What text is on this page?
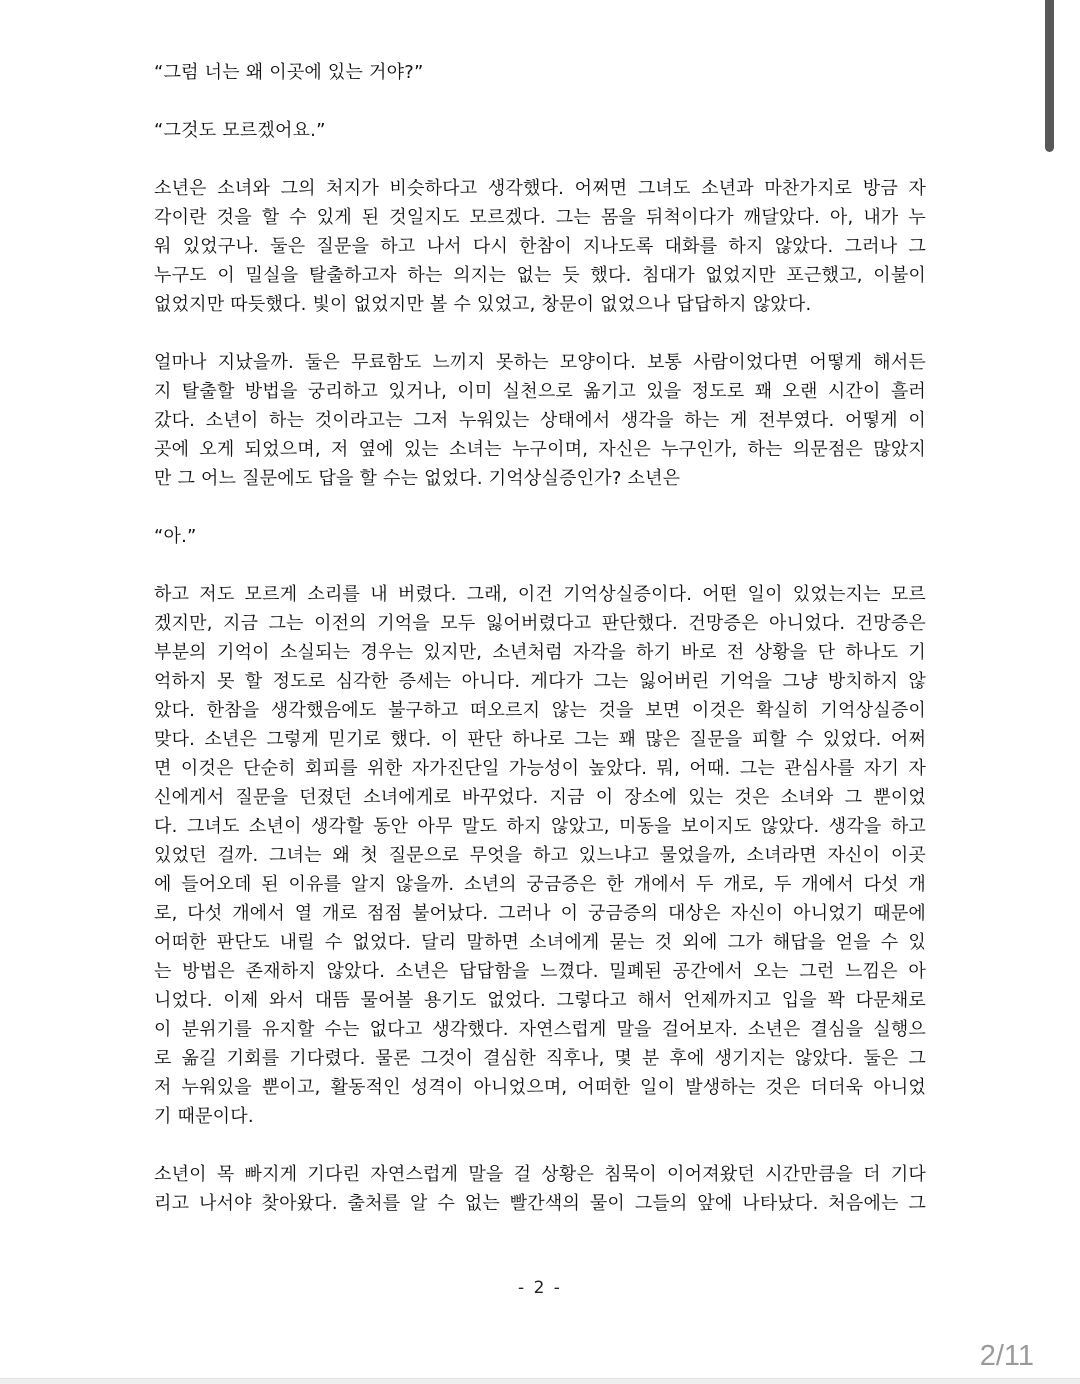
“그럼 너는 왜 이곳에 있는 거야?”
“그것도 모르겠어요.”
소년은 소녀와 그의 처지가 비슷하다고 생각했다. 어쩌면 그녀도 소년과 마찬가지로 방금 자
각이란 것을 할 수 있게 된 것일지도 모르겠다. 그는 몸을 뒤척이다가 깨달았다. 아, 내가 누
워 있었구나. 둘은 질문을 하고 나서 다시 한참이 지나도록 대화를 하지 않았다. 그러나 그
누구도 이 밀실을 탈출하고자 하는 의지는 없는 듯 했다. 침대가 없었지만 포근했고, 이불이
없었지만 따듯했다. 빛이 없었지만 볼 수 있었고, 창문이 없었으나 답답하지 않았다.
얼마나 지났을까. 둘은 무료함도 느끼지 못하는 모양이다. 보통 사람이었다면 어떻게 해서든
지 탈출할 방법을 궁리하고 있거나, 이미 실천으로 옮기고 있을 정도로 꽤 오랜 시간이 흘러
갔다. 소년이 하는 것이라고는 그저 누워있는 상태에서 생각을 하는 게 전부였다. 어떻게 이
곳에 오게 되었으며, 저 옆에 있는 소녀는 누구이며, 자신은 누구인가, 하는 의문점은 많았지
만 그 어느 질문에도 답을 할 수는 없었다. 기억상실증인가? 소년은
“아.”
하고 저도 모르게 소리를 내 버렸다. 그래, 이건 기억상실증이다. 어떤 일이 있었는지는 모르
겠지만, 지금 그는 이전의 기억을 모두 잃어버렸다고 판단했다. 건망증은 아니었다. 건망증은
부분의 기억이 소실되는 경우는 있지만, 소년처럼 자각을 하기 바로 전 상황을 단 하나도 기
억하지 못 할 정도로 심각한 증세는 아니다. 게다가 그는 잃어버린 기억을 그냥 방치하지 않
았다. 한참을 생각했음에도 불구하고 떠오르지 않는 것을 보면 이것은 확실히 기억상실증이
맞다. 소년은 그렇게 믿기로 했다. 이 판단 하나로 그는 꽤 많은 질문을 피할 수 있었다. 어쩌
면 이것은 단순히 회피를 위한 자가진단일 가능성이 높았다. 뭐, 어때. 그는 관심사를 자기 자
신에게서 질문을 던졌던 소녀에게로 바꾸었다. 지금 이 장소에 있는 것은 소녀와 그 뿐이었
다. 그녀도 소년이 생각할 동안 아무 말도 하지 않았고, 미동을 보이지도 않았다. 생각을 하고
있었던 걸까. 그녀는 왜 첫 질문으로 무엇을 하고 있느냐고 물었을까, 소녀라면 자신이 이곳
에 들어오데 된 이유를 알지 않을까. 소년의 궁금증은 한 개에서 두 개로, 두 개에서 다섯 개
로, 다섯 개에서 열 개로 점점 불어났다. 그러나 이 궁금증의 대상은 자신이 아니었기 때문에
어떠한 판단도 내릴 수 없었다. 달리 말하면 소녀에게 묻는 것 외에 그가 해답을 얻을 수 있
는 방법은 존재하지 않았다. 소년은 답답함을 느꼈다. 밀폐된 공간에서 오는 그런 느낌은 아
니었다. 이제 와서 대뜸 물어볼 용기도 없었다. 그렇다고 해서 언제까지고 입을 꽉 다문채로
이 분위기를 유지할 수는 없다고 생각했다. 자연스럽게 말을 걸어보자. 소년은 결심을 실행으
로 옮길 기회를 기다렸다. 물론 그것이 결심한 직후나, 몇 분 후에 생기지는 않았다. 둘은 그
저 누워있을 뿐이고, 활동적인 성격이 아니었으며, 어떠한 일이 발생하는 것은 더더욱 아니었
기 때문이다.
소년이 목 빠지게 기다린 자연스럽게 말을 걸 상황은 침묵이 이어져왔던 시간만큼을 더 기다
리고 나서야 찾아왔다. 출처를 알 수 없는 빨간색의 물이 그들의 앞에 나타났다. 처음에는 그
- 2 -
2/11
